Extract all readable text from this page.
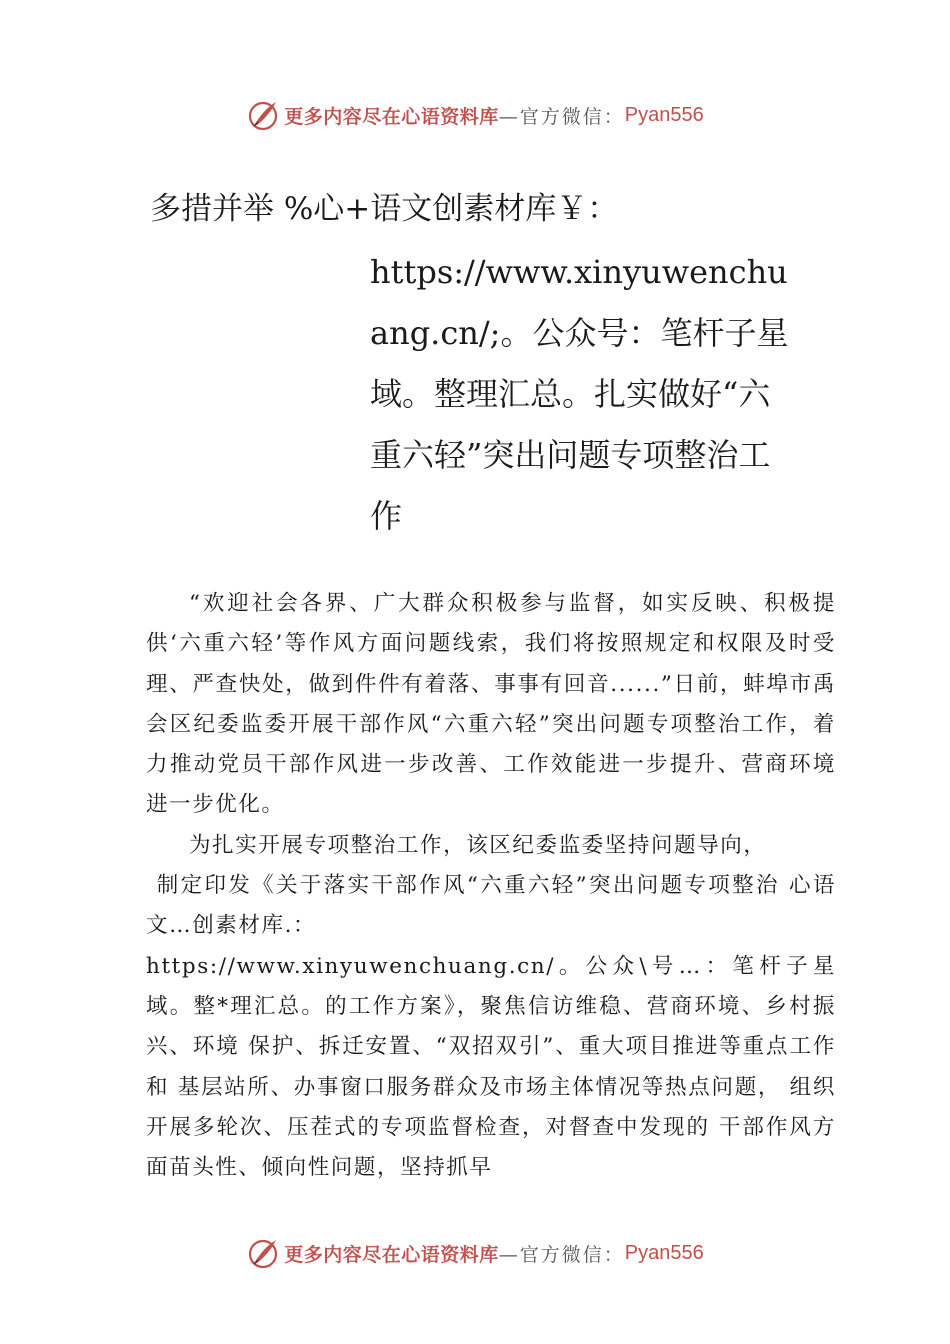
更多内容尽在心语资料库 —官方微信： Pyan556
多措并举 %心+语文创素材库￥：
https://www.xinyuwenchuang.cn/;。公众号：笔杆子星域。整理汇总。扎实做好“六重六轻”突出问题专项整治工作

“欢迎社会各界、广大群众积极参与监督，如实反映、积极提供‘六重六轻’等作风方面问题线索，我们将按照规定和权限及时受理、严查快处，做到件件有着落、事事有回音......”日前，蚌埠市禹会区纪委监委开展干部作风“六重六轻”突出问题专项整治工作，着力推动党员干部作风进一步改善、工作效能进一步提升、营商环境进一步优化。

为扎实开展专项整治工作，该区纪委监委坚持问题导向，

制定印发《关于落实干部作风“六重六轻”突出问题专项整治 心语文…创素材库.：

https://www.xinyuwenchuang.cn/。公众\号…：笔杆子星域。整*理汇总。的工作方案》，聚焦信访维稳、营商环境、乡村振兴、环境 保护、拆迁安置、“双招双引”、重大项目推进等重点工作和 基层站所、办事窗口服务群众及市场主体情况等热点问题， 组织开展多轮次、压茬式的专项监督检查，对督查中发现的 干部作风方面苗头性、倾向性问题，坚持抓早

更多内容尽在心语资料库 —官方微信： Pyan556
